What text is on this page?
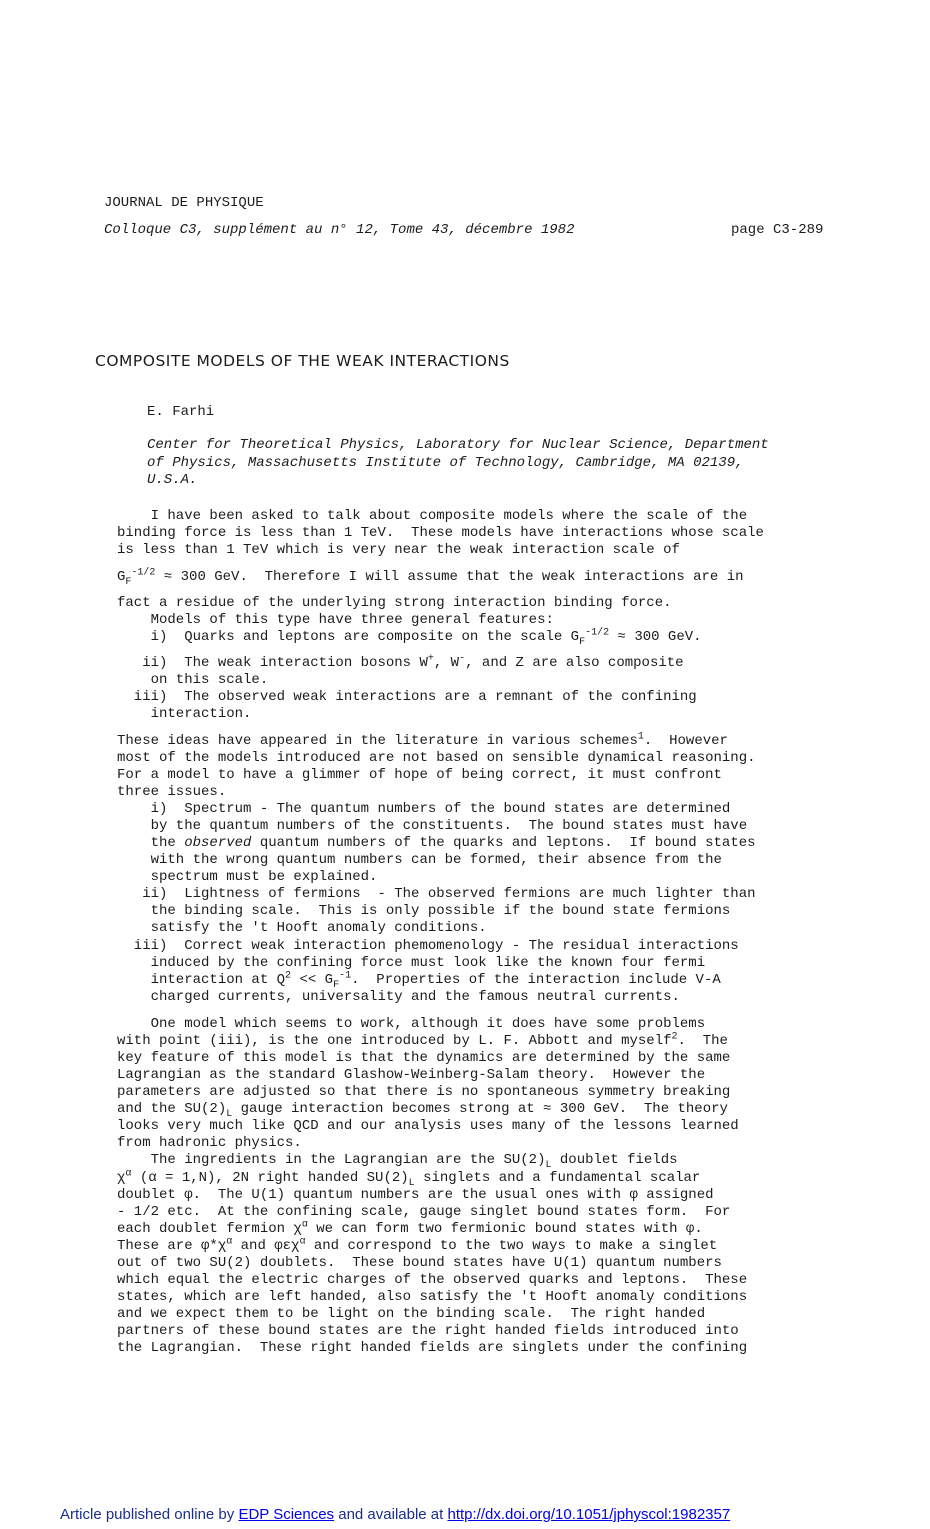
JOURNAL DE PHYSIQUE
Colloque C3, supplément au n° 12, Tome 43, décembre 1982	page C3-289
COMPOSITE MODELS OF THE WEAK INTERACTIONS
E. Farhi
Center for Theoretical Physics, Laboratory for Nuclear Science, Department
of Physics, Massachusetts Institute of Technology, Cambridge, MA 02139,
U.S.A.
I have been asked to talk about composite models where the scale of the
binding force is less than 1 TeV.  These models have interactions whose scale
is less than 1 TeV which is very near the weak interaction scale of
$G_F^{-1/2} \approx 300$ GeV.  Therefore I will assume that the weak interactions are in
fact a residue of the underlying strong interaction binding force.
Models of this type have three general features:
i)  Quarks and leptons are composite on the scale $G_F^{-1/2} \approx 300$ GeV.
ii)  The weak interaction bosons W+, W-, and Z are also composite
on this scale.
iii)  The observed weak interactions are a remnant of the confining
interaction.
These ideas have appeared in the literature in various schemes$^1$.  However
most of the models introduced are not based on sensible dynamical reasoning.
For a model to have a glimmer of hope of being correct, it must confront
three issues.
i)  Spectrum - The quantum numbers of the bound states are determined
by the quantum numbers of the constituents.  The bound states must have
the observed quantum numbers of the quarks and leptons.  If bound states
with the wrong quantum numbers can be formed, their absence from the
spectrum must be explained.
ii)  Lightness of fermions  - The observed fermions are much lighter than
the binding scale.  This is only possible if the bound state fermions
satisfy the 't Hooft anomaly conditions.
iii)  Correct weak interaction phemomenology - The residual interactions
induced by the confining force must look like the known four fermi
interaction at $Q^2 << G_F^{-1}$.  Properties of the interaction include V-A
charged currents, universality and the famous neutral currents.
One model which seems to work, although it does have some problems
with point (iii), is the one introduced by L. F. Abbott and myself$^2$.  The
key feature of this model is that the dynamics are determined by the same
Lagrangian as the standard Glashow-Weinberg-Salam theory.  However the
parameters are adjusted so that there is no spontaneous symmetry breaking
and the $SU(2)_L$ gauge interaction becomes strong at ≈ 300 GeV.  The theory
looks very much like QCD and our analysis uses many of the lessons learned
from hadronic physics.
The ingredients in the Lagrangian are the $SU(2)_L$ doublet fields
$\chi^\alpha$ (α = 1,N), 2N right handed $SU(2)_L$ singlets and a fundamental scalar
doublet φ.  The U(1) quantum numbers are the usual ones with φ assigned
- 1/2 etc.  At the confining scale, gauge singlet bound states form.  For
each doublet fermion $\chi^\alpha$ we can form two fermionic bound states with φ.
These are $\varphi*\chi^\alpha$ and φεχ$^\alpha$ and correspond to the two ways to make a singlet
out of two SU(2) doublets.  These bound states have U(1) quantum numbers
which equal the electric charges of the observed quarks and leptons.  These
states, which are left handed, also satisfy the 't Hooft anomaly conditions
and we expect them to be light on the binding scale.  The right handed
partners of these bound states are the right handed fields introduced into
the Lagrangian.  These right handed fields are singlets under the confining
Article published online by EDP Sciences and available at http://dx.doi.org/10.1051/jphyscol:1982357
